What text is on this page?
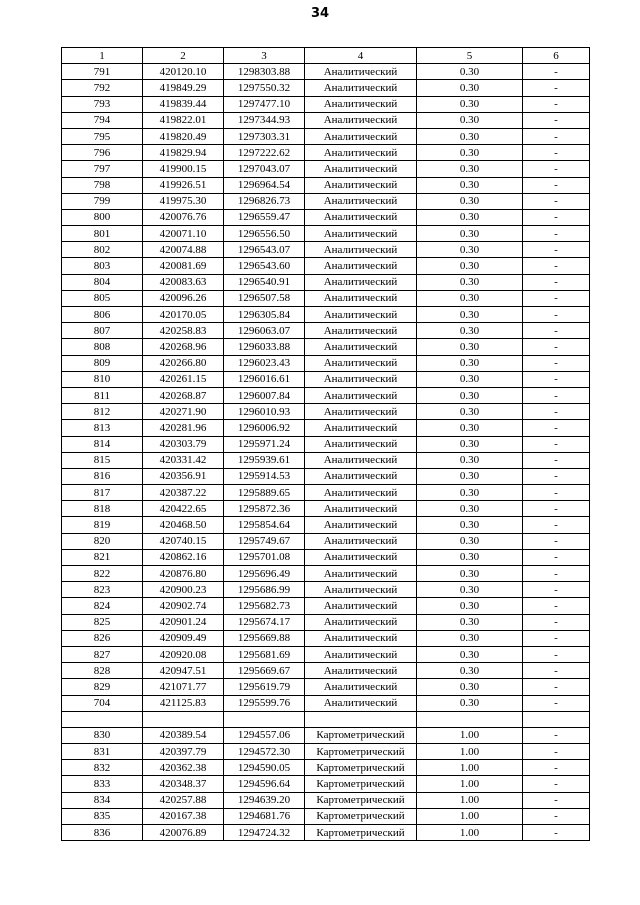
34
1	2	3	4	5	6
791	420120.10	1298303.88	Аналитический	0.30	-
792	419849.29	1297550.32	Аналитический	0.30	-
793	419839.44	1297477.10	Аналитический	0.30	-
794	419822.01	1297344.93	Аналитический	0.30	-
795	419820.49	1297303.31	Аналитический	0.30	-
796	419829.94	1297222.62	Аналитический	0.30	-
797	419900.15	1297043.07	Аналитический	0.30	-
798	419926.51	1296964.54	Аналитический	0.30	-
799	419975.30	1296826.73	Аналитический	0.30	-
800	420076.76	1296559.47	Аналитический	0.30	-
801	420071.10	1296556.50	Аналитический	0.30	-
802	420074.88	1296543.07	Аналитический	0.30	-
803	420081.69	1296543.60	Аналитический	0.30	-
804	420083.63	1296540.91	Аналитический	0.30	-
805	420096.26	1296507.58	Аналитический	0.30	-
806	420170.05	1296305.84	Аналитический	0.30	-
807	420258.83	1296063.07	Аналитический	0.30	-
808	420268.96	1296033.88	Аналитический	0.30	-
809	420266.80	1296023.43	Аналитический	0.30	-
810	420261.15	1296016.61	Аналитический	0.30	-
811	420268.87	1296007.84	Аналитический	0.30	-
812	420271.90	1296010.93	Аналитический	0.30	-
813	420281.96	1296006.92	Аналитический	0.30	-
814	420303.79	1295971.24	Аналитический	0.30	-
815	420331.42	1295939.61	Аналитический	0.30	-
816	420356.91	1295914.53	Аналитический	0.30	-
817	420387.22	1295889.65	Аналитический	0.30	-
818	420422.65	1295872.36	Аналитический	0.30	-
819	420468.50	1295854.64	Аналитический	0.30	-
820	420740.15	1295749.67	Аналитический	0.30	-
821	420862.16	1295701.08	Аналитический	0.30	-
822	420876.80	1295696.49	Аналитический	0.30	-
823	420900.23	1295686.99	Аналитический	0.30	-
824	420902.74	1295682.73	Аналитический	0.30	-
825	420901.24	1295674.17	Аналитический	0.30	-
826	420909.49	1295669.88	Аналитический	0.30	-
827	420920.08	1295681.69	Аналитический	0.30	-
828	420947.51	1295669.67	Аналитический	0.30	-
829	421071.77	1295619.79	Аналитический	0.30	-
704	421125.83	1295599.76	Аналитический	0.30	-

830	420389.54	1294557.06	Картометрический	1.00	-
831	420397.79	1294572.30	Картометрический	1.00	-
832	420362.38	1294590.05	Картометрический	1.00	-
833	420348.37	1294596.64	Картометрический	1.00	-
834	420257.88	1294639.20	Картометрический	1.00	-
835	420167.38	1294681.76	Картометрический	1.00	-
836	420076.89	1294724.32	Картометрический	1.00	-
